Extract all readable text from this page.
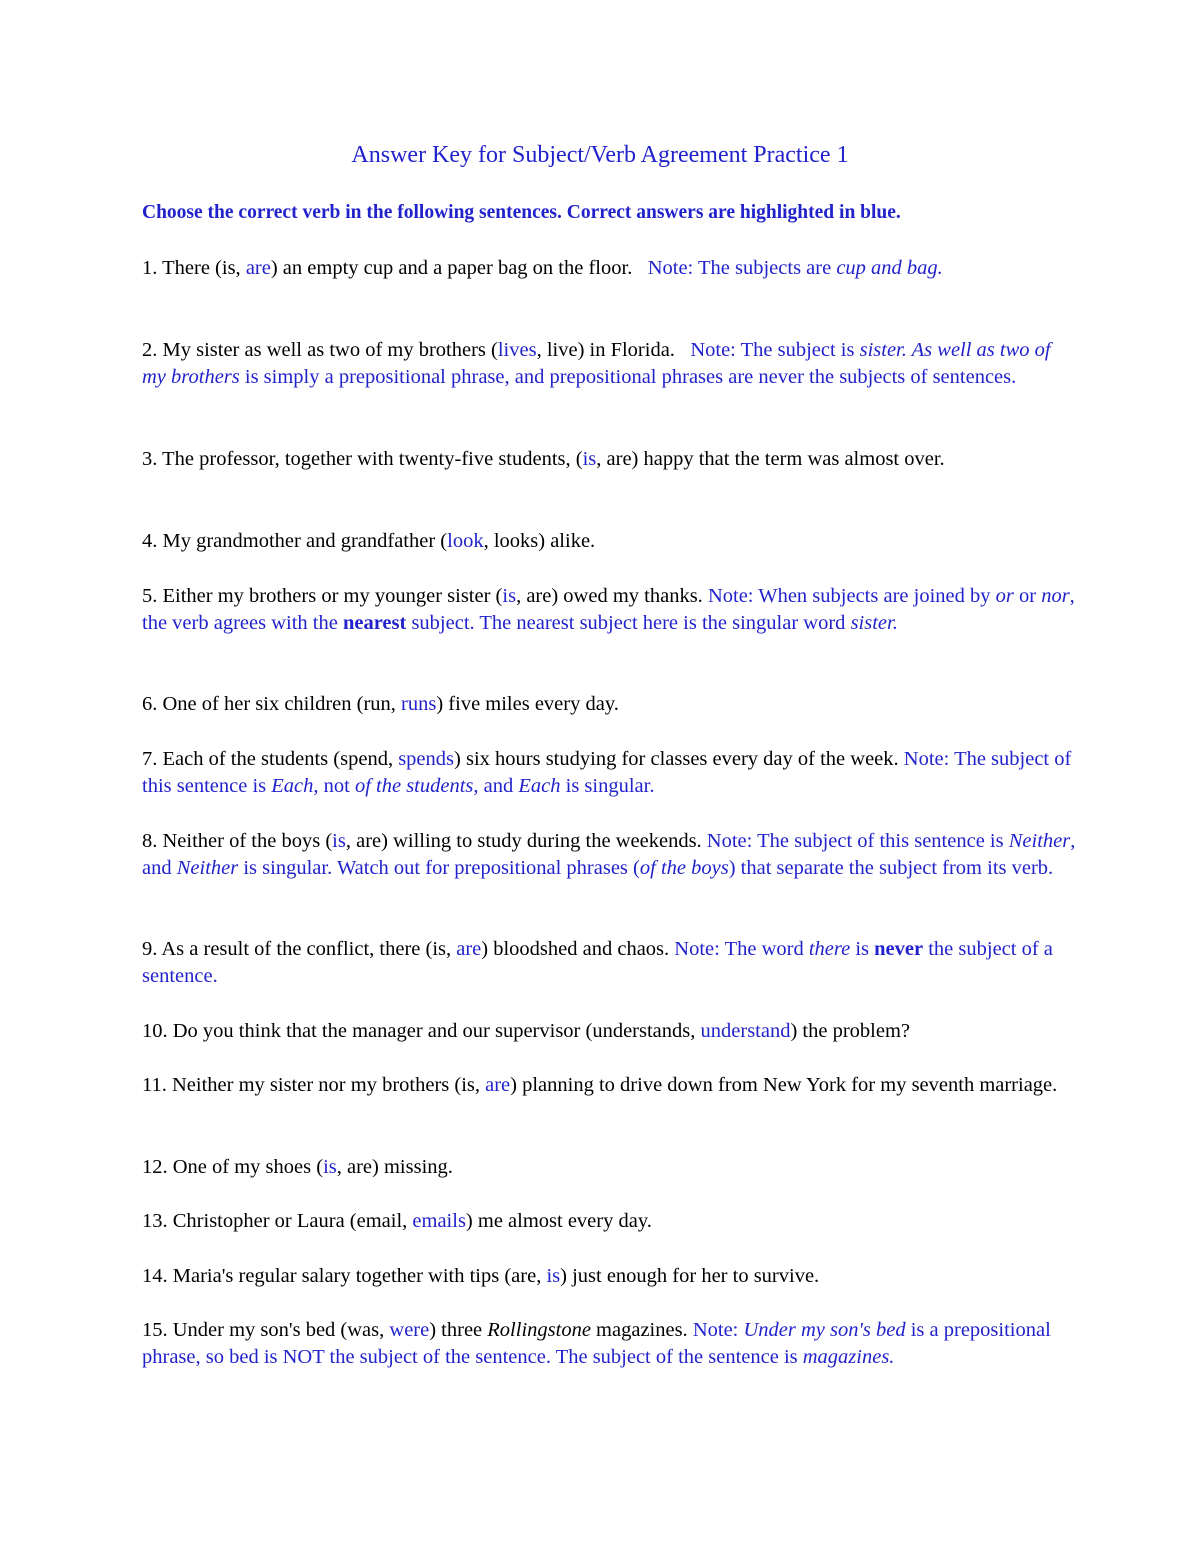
Answer Key for Subject/Verb Agreement Practice 1
Choose the correct verb in the following sentences. Correct answers are highlighted in blue.
1. There (is, are) an empty cup and a paper bag on the floor. Note: The subjects are cup and bag.
2. My sister as well as two of my brothers (lives, live) in Florida. Note: The subject is sister. As well as two of my brothers is simply a prepositional phrase, and prepositional phrases are never the subjects of sentences.
3. The professor, together with twenty-five students, (is, are) happy that the term was almost over.
4. My grandmother and grandfather (look, looks) alike.
5. Either my brothers or my younger sister (is, are) owed my thanks. Note: When subjects are joined by or or nor, the verb agrees with the nearest subject. The nearest subject here is the singular word sister.
6. One of her six children (run, runs) five miles every day.
7. Each of the students (spend, spends) six hours studying for classes every day of the week. Note: The subject of this sentence is Each, not of the students, and Each is singular.
8. Neither of the boys (is, are) willing to study during the weekends. Note: The subject of this sentence is Neither, and Neither is singular. Watch out for prepositional phrases (of the boys) that separate the subject from its verb.
9. As a result of the conflict, there (is, are) bloodshed and chaos. Note: The word there is never the subject of a sentence.
10. Do you think that the manager and our supervisor (understands, understand) the problem?
11. Neither my sister nor my brothers (is, are) planning to drive down from New York for my seventh marriage.
12. One of my shoes (is, are) missing.
13. Christopher or Laura (email, emails) me almost every day.
14. Maria's regular salary together with tips (are, is) just enough for her to survive.
15. Under my son's bed (was, were) three Rollingstone magazines. Note: Under my son's bed is a prepositional phrase, so bed is NOT the subject of the sentence. The subject of the sentence is magazines.
